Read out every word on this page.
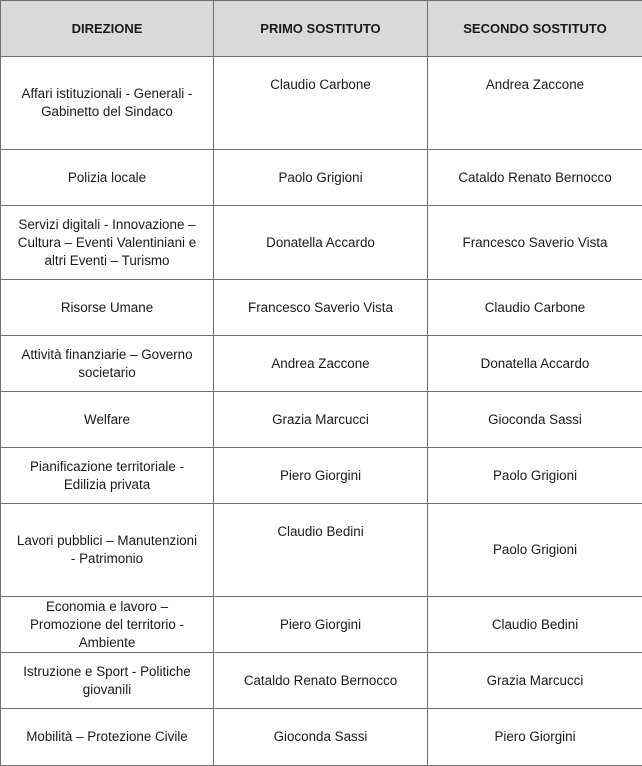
DIREZIONE	PRIMO SOSTITUTO	SECONDO SOSTITUTO

Affari istituzionali - Generali -
Gabinetto del Sindaco	Claudio Carbone	Andrea Zaccone

Polizia locale	Paolo Grigioni	Cataldo Renato Bernocco

Servizi digitali - Innovazione –
Cultura – Eventi Valentiniani e
altri Eventi – Turismo	Donatella Accardo	Francesco Saverio Vista

Risorse Umane	Francesco Saverio Vista	Claudio Carbone

Attività finanziarie – Governo
societario	Andrea Zaccone	Donatella Accardo

Welfare	Grazia Marcucci	Gioconda Sassi

Pianificazione territoriale -
Edilizia privata	Piero Giorgini	Paolo Grigioni

Lavori pubblici – Manutenzioni
- Patrimonio	Claudio Bedini	Paolo Grigioni

Economia e lavoro –
Promozione del territorio -
Ambiente	Piero Giorgini	Claudio Bedini

Istruzione e Sport - Politiche
giovanili	Cataldo Renato Bernocco	Grazia Marcucci

Mobilità – Protezione Civile	Gioconda Sassi	Piero Giorgini
